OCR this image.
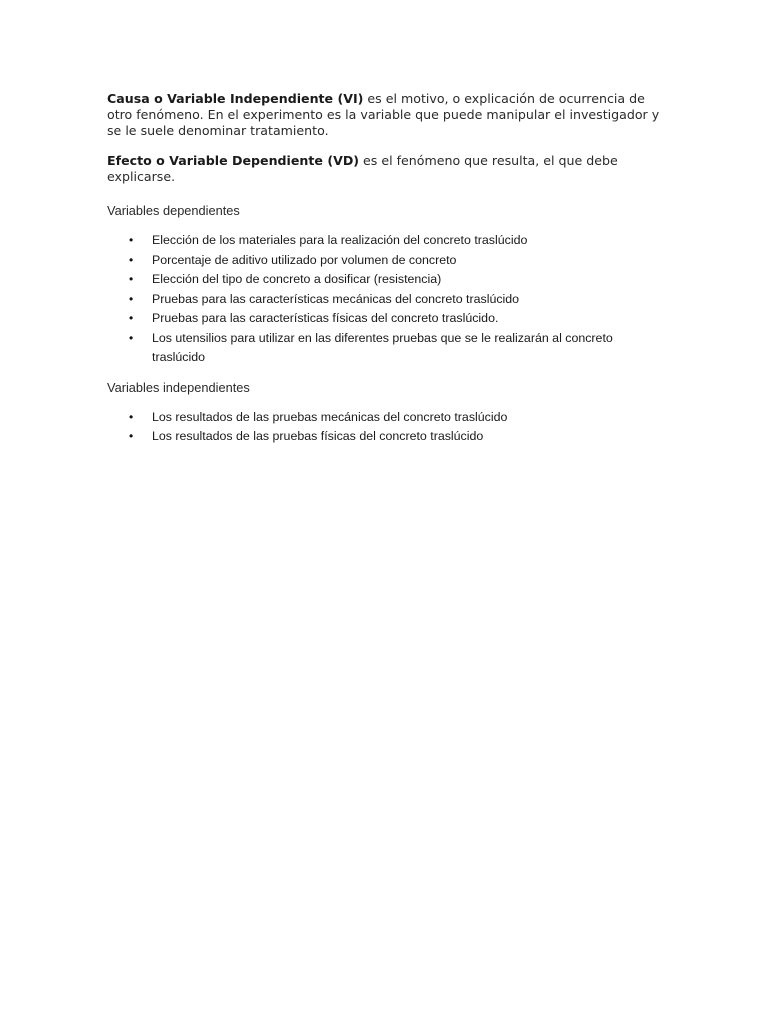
Causa o Variable Independiente (VI) es el motivo, o explicación de ocurrencia de otro fenómeno. En el experimento es la variable que puede manipular el investigador y se le suele denominar tratamiento.

Efecto o Variable Dependiente (VD) es el fenómeno que resulta, el que debe explicarse.

Variables dependientes
• Elección de los materiales para la realización del concreto traslúcido
• Porcentaje de aditivo utilizado por volumen de concreto
• Elección del tipo de concreto a dosificar (resistencia)
• Pruebas para las características mecánicas del concreto traslúcido
• Pruebas para las características físicas del concreto traslúcido.
• Los utensilios para utilizar en las diferentes pruebas que se le realizarán al concreto traslúcido
Variables independientes
• Los resultados de las pruebas mecánicas del concreto traslúcido
• Los resultados de las pruebas físicas del concreto traslúcido
